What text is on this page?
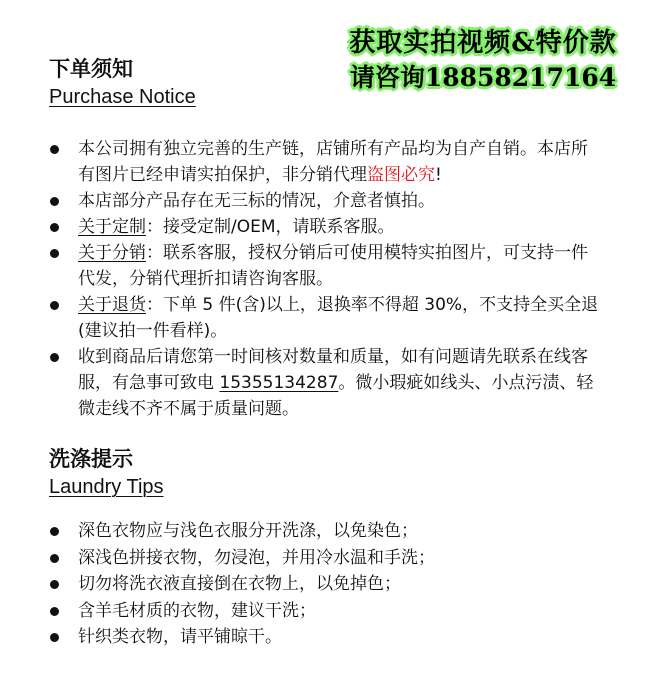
获取实拍视频&特价款
请咨询18858217164
下单须知

Purchase Notice

本公司拥有独立完善的生产链，店铺所有产品均为自产自销。本店所有图片已经申请实拍保护，非分销代理盗图必究!
本店部分产品存在无三标的情况，介意者慎拍。
关于定制：接受定制/OEM，请联系客服。
关于分销：联系客服，授权分销后可使用模特实拍图片，可支持一件代发，分销代理折扣请咨询客服。
关于退货：下单 5 件(含)以上，退换率不得超 30%，不支持全买全退(建议拍一件看样)。
收到商品后请您第一时间核对数量和质量，如有问题请先联系在线客服，有急事可致电 15355134287。微小瑕疵如线头、小点污渍、轻微走线不齐不属于质量问题。
洗涤提示

Laundry Tips

深色衣物应与浅色衣服分开洗涤，以免染色；
深浅色拼接衣物，勿浸泡，并用冷水温和手洗；
切勿将洗衣液直接倒在衣物上，以免掉色；
含羊毛材质的衣物，建议干洗；
针织类衣物，请平铺晾干。
